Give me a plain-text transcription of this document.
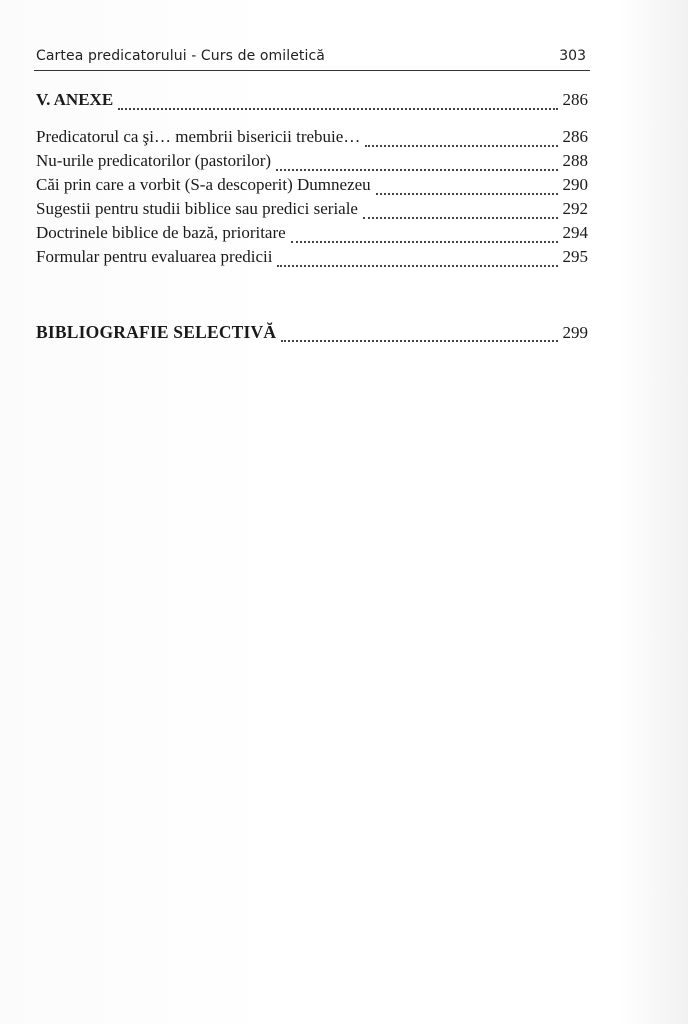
Cartea predicatorului - Curs de omiletică	303
V. ANEXE	286
Predicatorul ca şi… membrii bisericii trebuie…	286
Nu-urile predicatorilor (pastorilor)	288
Căi prin care a vorbit (S-a descoperit) Dumnezeu	290
Sugestii pentru studii biblice sau predici seriale	292
Doctrinele biblice de bază, prioritare	294
Formular pentru evaluarea predicii	295
BIBLIOGRAFIE SELECTIVĂ	299
